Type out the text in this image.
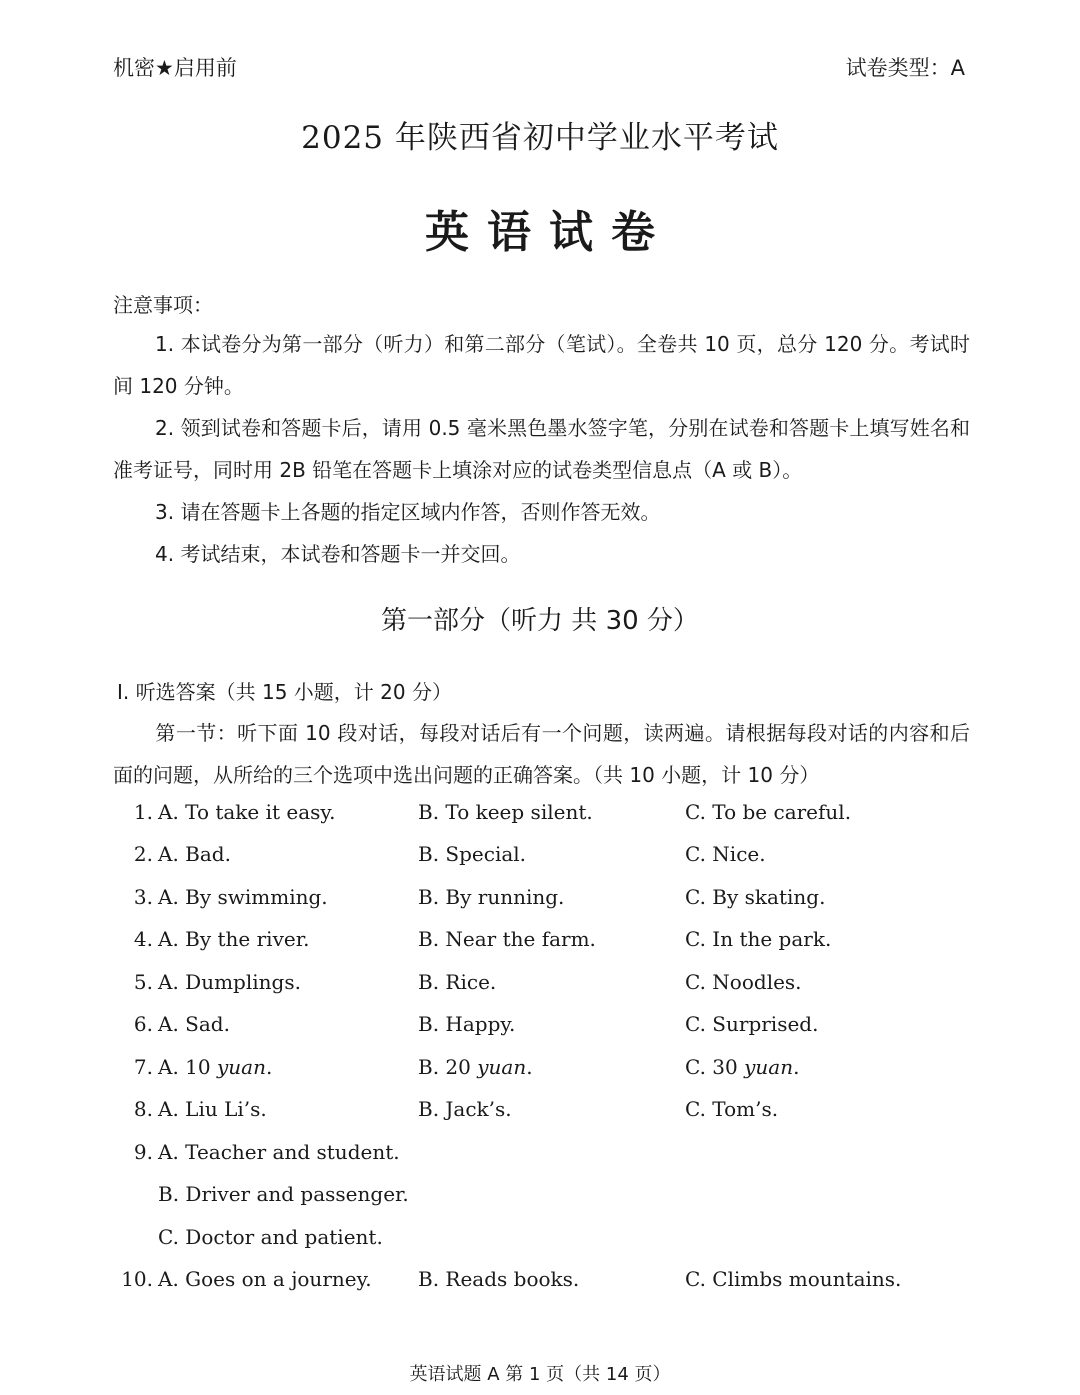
机密★启用前	试卷类型：A
2025 年陕西省初中学业水平考试
英语试卷
注意事项：
1. 本试卷分为第一部分（听力）和第二部分（笔试）。全卷共 10 页，总分 120 分。考试时间 120 分钟。
2. 领到试卷和答题卡后，请用 0.5 毫米黑色墨水签字笔，分别在试卷和答题卡上填写姓名和准考证号，同时用 2B 铅笔在答题卡上填涂对应的试卷类型信息点（A 或 B）。
3. 请在答题卡上各题的指定区域内作答，否则作答无效。
4. 考试结束，本试卷和答题卡一并交回。
第一部分（听力 共 30 分）
Ⅰ. 听选答案（共 15 小题，计 20 分）
第一节：听下面 10 段对话，每段对话后有一个问题，读两遍。请根据每段对话的内容和后面的问题，从所给的三个选项中选出问题的正确答案。（共 10 小题，计 10 分）
1. A. To take it easy.	B. To keep silent.	C. To be careful.
2. A. Bad.	B. Special.	C. Nice.
3. A. By swimming.	B. By running.	C. By skating.
4. A. By the river.	B. Near the farm.	C. In the park.
5. A. Dumplings.	B. Rice.	C. Noodles.
6. A. Sad.	B. Happy.	C. Surprised.
7. A. 10 yuan.	B. 20 yuan.	C. 30 yuan.
8. A. Liu Li’s.	B. Jack’s.	C. Tom’s.
9. A. Teacher and student.
B. Driver and passenger.
C. Doctor and patient.
10. A. Goes on a journey. B. Reads books.	C. Climbs mountains.
英语试题 A 第 1 页（共 14 页）
